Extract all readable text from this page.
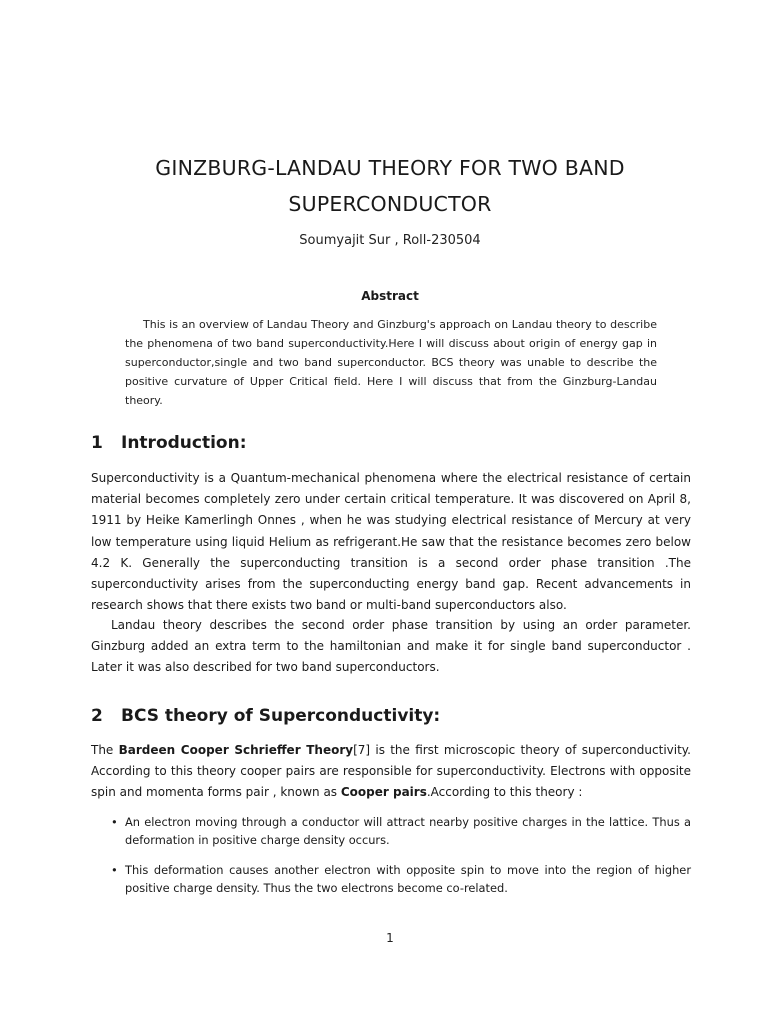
GINZBURG-LANDAU THEORY FOR TWO BAND
SUPERCONDUCTOR
Soumyajit Sur , Roll-230504
Abstract
This is an overview of Landau Theory and Ginzburg's approach on Landau theory to describe the phenomena of two band superconductivity.Here I will discuss about origin of energy gap in superconductor,single and two band superconductor. BCS theory was unable to describe the positive curvature of Upper Critical field. Here I will discuss that from the Ginzburg-Landau theory.
1 Introduction:
Superconductivity is a Quantum-mechanical phenomena where the electrical resistance of certain material becomes completely zero under certain critical temperature. It was discovered on April 8, 1911 by Heike Kamerlingh Onnes , when he was studying electrical resistance of Mercury at very low temperature using liquid Helium as refrigerant.He saw that the resistance becomes zero below 4.2 K. Generally the superconducting transition is a second order phase transition .The superconductivity arises from the superconducting energy band gap. Recent advancements in research shows that there exists two band or multi-band superconductors also.
Landau theory describes the second order phase transition by using an order parameter. Ginzburg added an extra term to the hamiltonian and make it for single band superconductor . Later it was also described for two band superconductors.
2 BCS theory of Superconductivity:
The Bardeen Cooper Schrieffer Theory[7] is the first microscopic theory of superconductivity. According to this theory cooper pairs are responsible for superconductivity. Electrons with opposite spin and momenta forms pair , known as Cooper pairs.According to this theory :
• An electron moving through a conductor will attract nearby positive charges in the lattice. Thus a deformation in positive charge density occurs.
• This deformation causes another electron with opposite spin to move into the region of higher positive charge density. Thus the two electrons become co-related.
1
